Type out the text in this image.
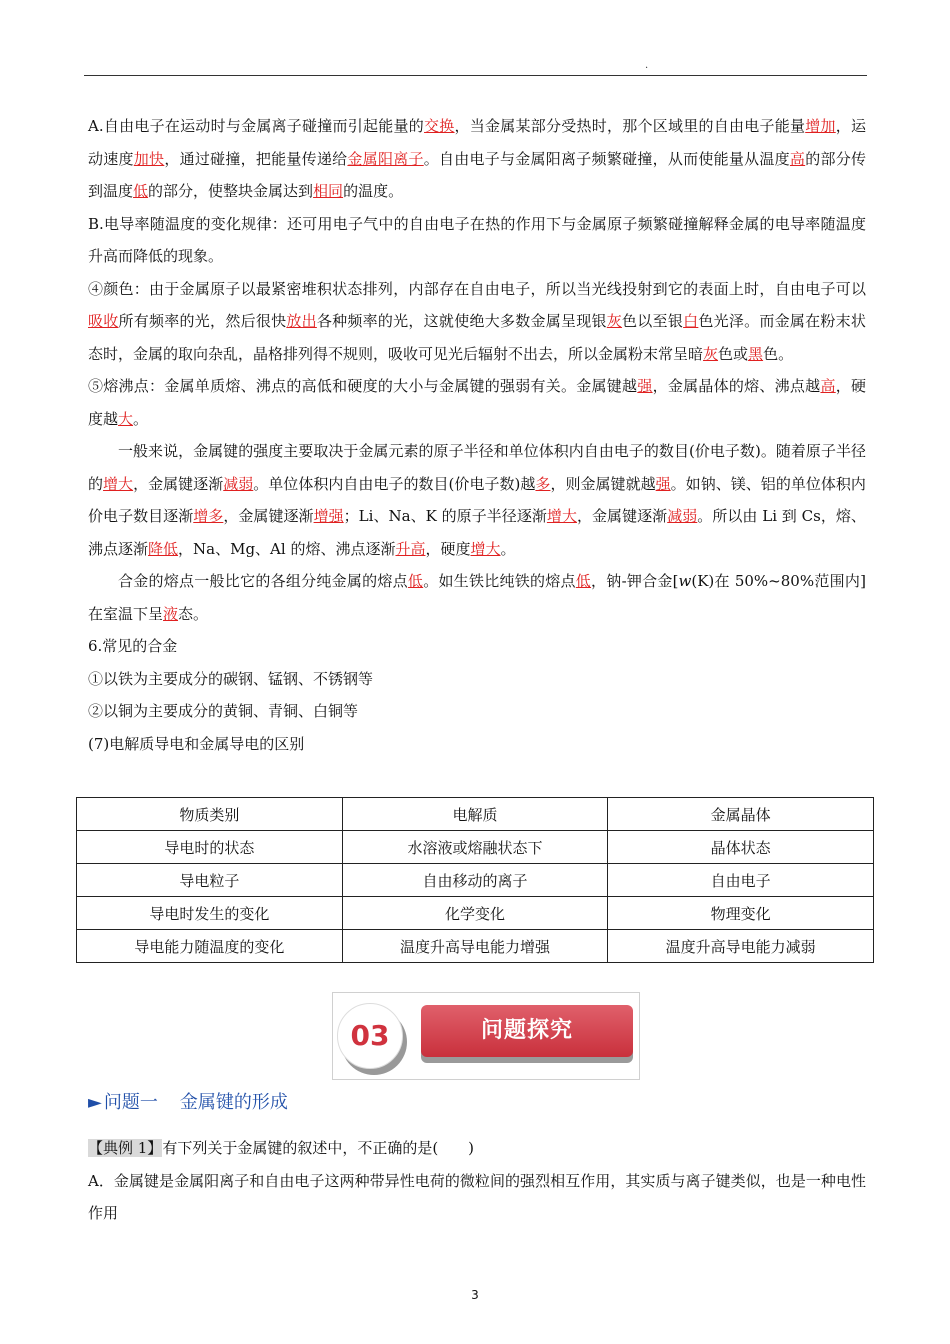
.

A.自由电子在运动时与金属离子碰撞而引起能量的交换，当金属某部分受热时，那个区域里的自由电子能量增加，运动速度加快，通过碰撞，把能量传递给金属阳离子。自由电子与金属阳离子频繁碰撞，从而使能量从温度高的部分传到温度低的部分，使整块金属达到相同的温度。

B.电导率随温度的变化规律：还可用电子气中的自由电子在热的作用下与金属原子频繁碰撞解释金属的电导率随温度升高而降低的现象。

④颜色：由于金属原子以最紧密堆积状态排列，内部存在自由电子，所以当光线投射到它的表面上时，自由电子可以吸收所有频率的光，然后很快放出各种频率的光，这就使绝大多数金属呈现银灰色以至银白色光泽。而金属在粉末状态时，金属的取向杂乱，晶格排列得不规则，吸收可见光后辐射不出去，所以金属粉末常呈暗灰色或黑色。

⑤熔沸点：金属单质熔、沸点的高低和硬度的大小与金属键的强弱有关。金属键越强，金属晶体的熔、沸点越高，硬度越大。

一般来说，金属键的强度主要取决于金属元素的原子半径和单位体积内自由电子的数目(价电子数)。随着原子半径的增大，金属键逐渐减弱。单位体积内自由电子的数目(价电子数)越多，则金属键就越强。如钠、镁、铝的单位体积内价电子数目逐渐增多，金属键逐渐增强；Li、Na、K 的原子半径逐渐增大，金属键逐渐减弱。所以由 Li 到 Cs，熔、沸点逐渐降低，Na、Mg、Al 的熔、沸点逐渐升高，硬度增大。

合金的熔点一般比它的各组分纯金属的熔点低。如生铁比纯铁的熔点低，钠-钾合金[w(K)在 50%~80%范围内]在室温下呈液态。

6.常见的合金

①以铁为主要成分的碳钢、锰钢、不锈钢等

②以铜为主要成分的黄铜、青铜、白铜等

(7)电解质导电和金属导电的区别

物质类别	电解质	金属晶体
导电时的状态	水溶液或熔融状态下	晶体状态
导电粒子	自由移动的离子	自由电子
导电时发生的变化	化学变化	物理变化
导电能力随温度的变化	温度升高导电能力增强	温度升高导电能力减弱
问题探究
03
► 问题一 金属键的形成

【典例 1】有下列关于金属键的叙述中，不正确的是(　　)

A．金属键是金属阳离子和自由电子这两种带异性电荷的微粒间的强烈相互作用，其实质与离子键类似，也是一种电性作用

3
